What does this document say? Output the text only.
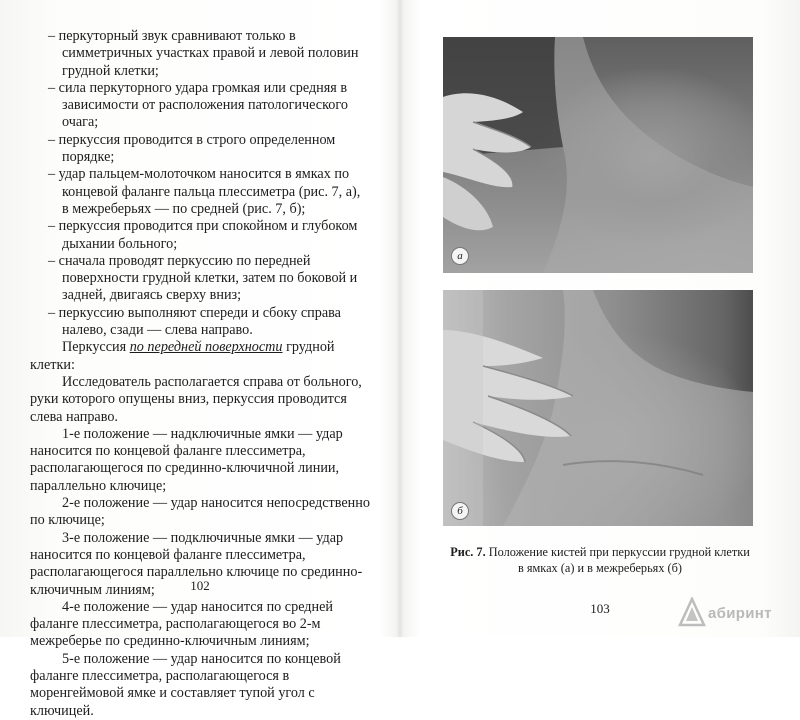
– перкуторный звук сравнивают только в симметричных участках правой и левой половин грудной клетки;

– сила перкуторного удара громкая или средняя в зависимости от расположения патологического очага;

– перкуссия проводится в строго определенном порядке;

– удар пальцем-молоточком наносится в ямках по концевой фаланге пальца плессиметра (рис. 7, а), в межреберьях — по средней (рис. 7, б);

– перкуссия проводится при спокойном и глубоком дыхании больного;

– сначала проводят перкуссию по передней поверхности грудной клетки, затем по боковой и задней, двигаясь сверху вниз;

– перкуссию выполняют спереди и сбоку справа налево, сзади — слева направо.

Перкуссия по передней поверхности грудной клетки:

Исследователь располагается справа от больного, руки которого опущены вниз, перкуссия проводится слева направо.

1-е положение — надключичные ямки — удар наносится по концевой фаланге плессиметра, располагающегося по срединно-ключичной линии, параллельно ключице;

2-е положение — удар наносится непосредственно по ключице;

3-е положение — подключичные ямки — удар наносится по концевой фаланге плессиметра, располагающегося параллельно ключице по срединно-ключичным линиям;

4-е положение — удар наносится по средней фаланге плессиметра, располагающегося во 2-м межреберье по срединно-ключичным линиям;

5-е положение — удар наносится по концевой фаланге плессиметра, располагающегося в моренгеймовой ямке и составляет тупой угол с ключицей.

102
а
б
Рис. 7. Положение кистей при перкуссии грудной клетки
в ямках (а) и в межреберьях (б)
103	абиринт
